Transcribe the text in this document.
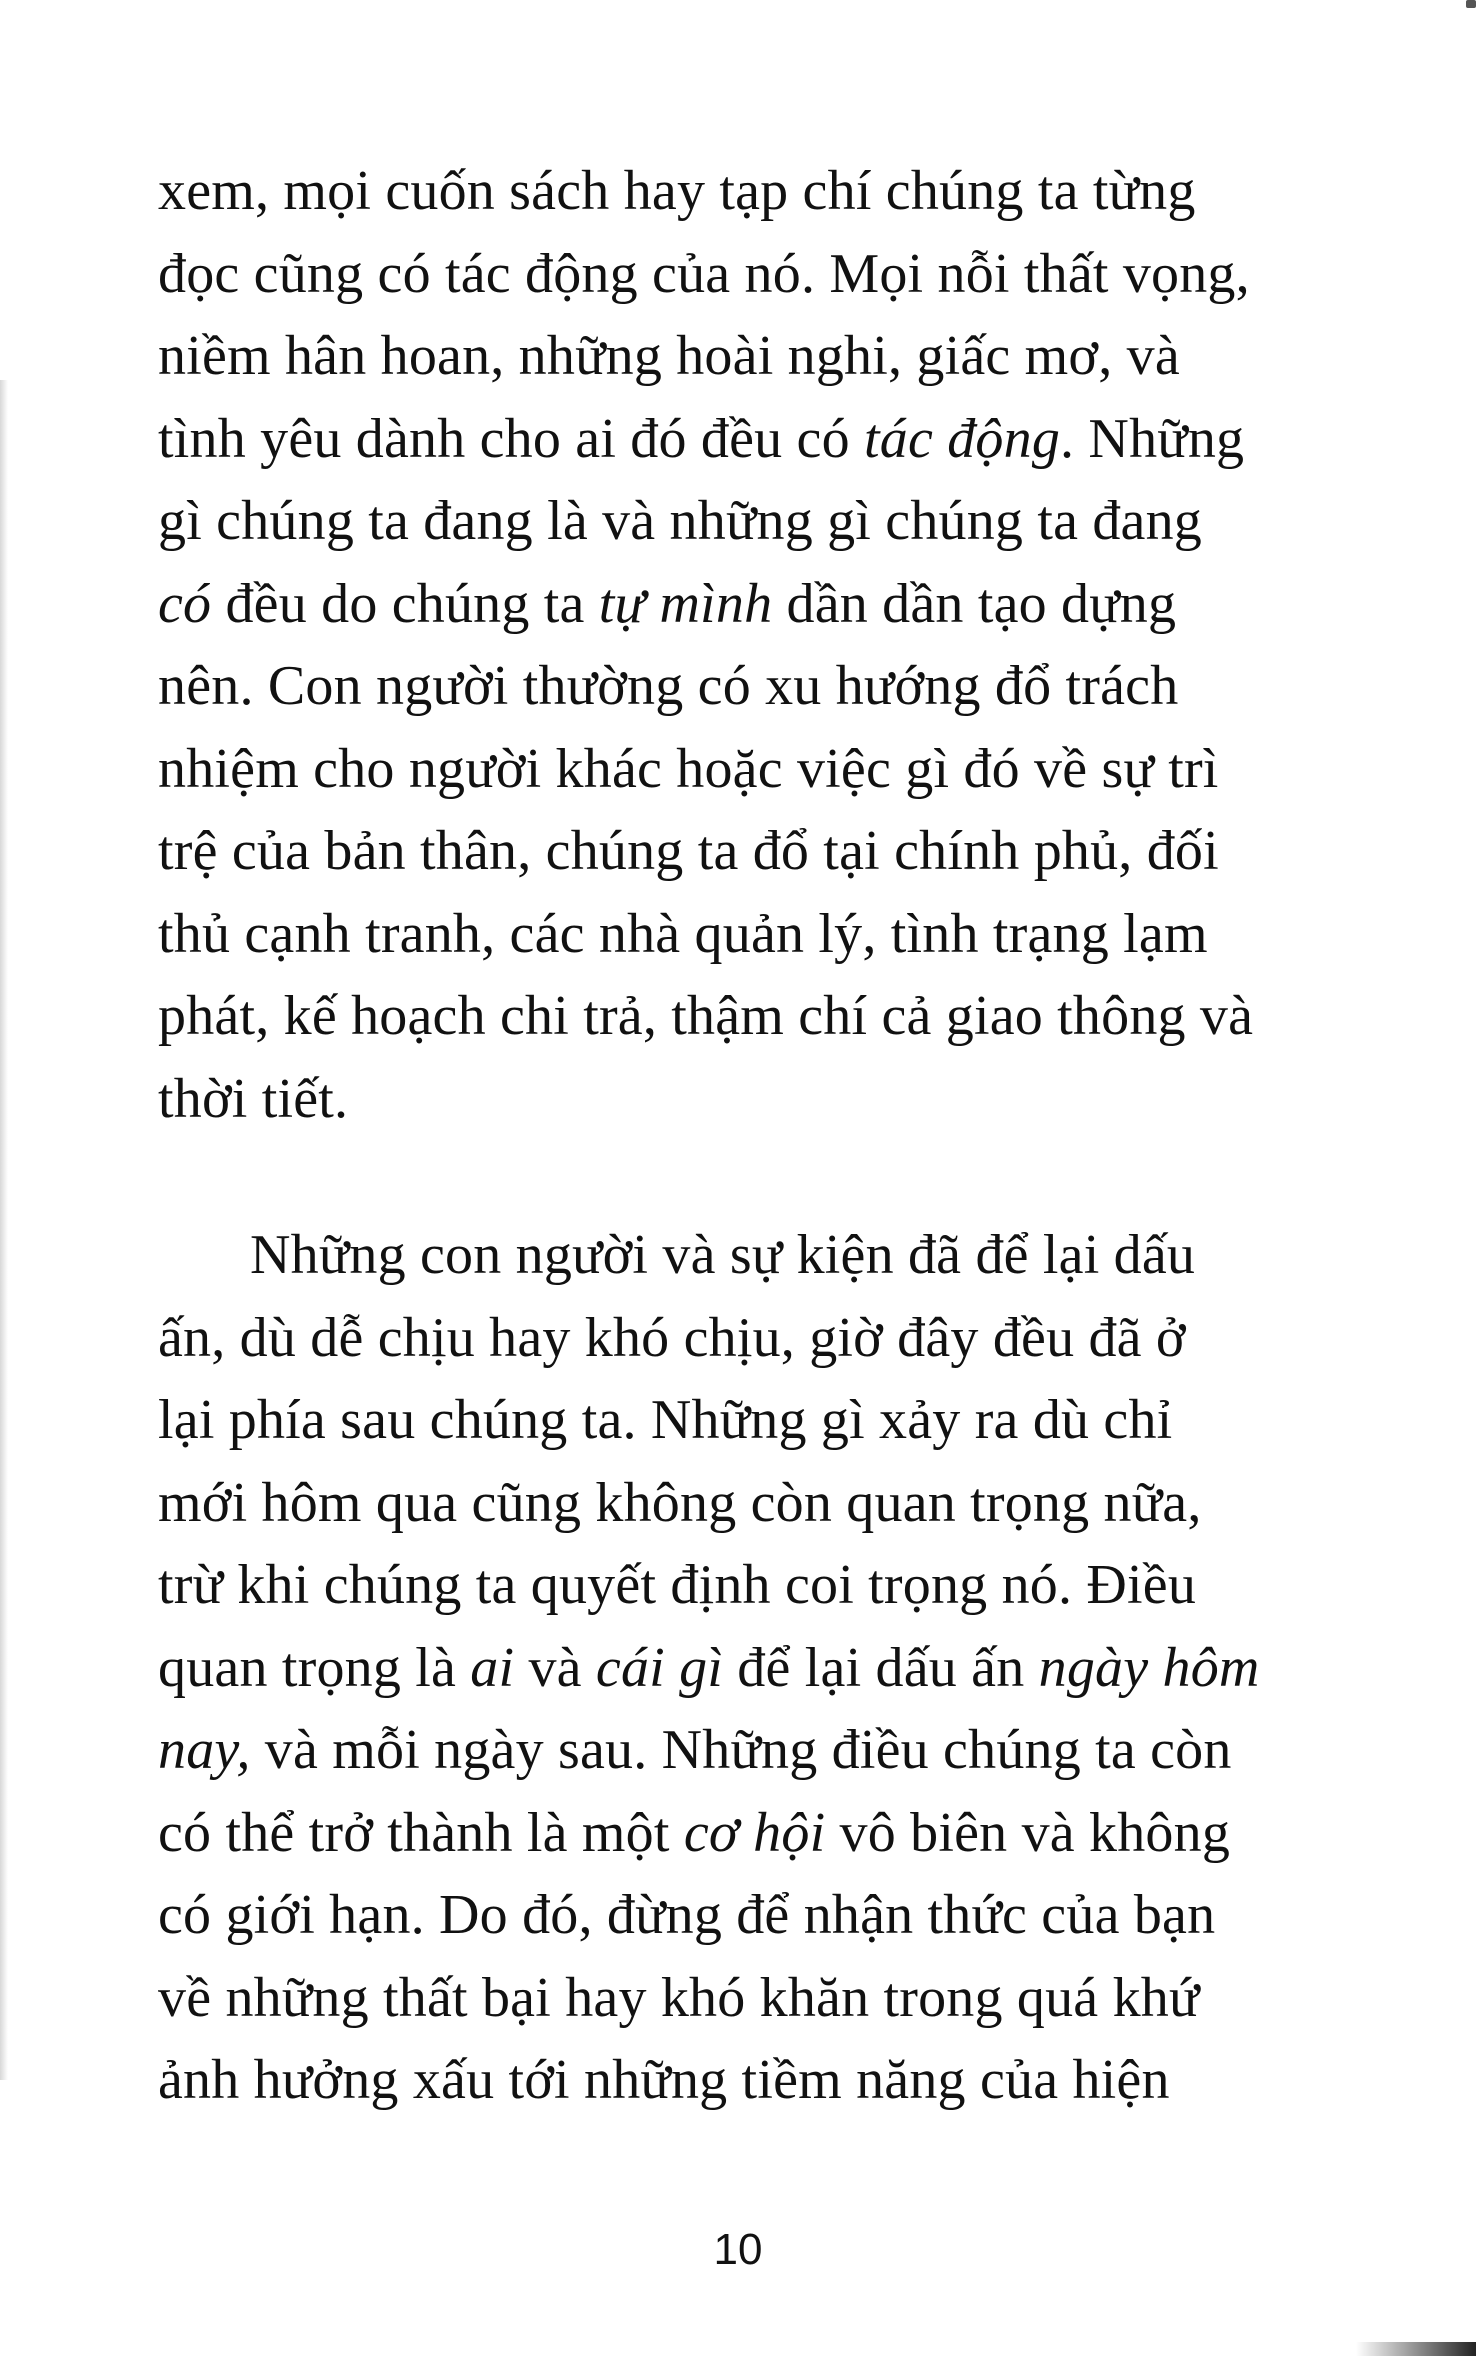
xem, mọi cuốn sách hay tạp chí chúng ta từng
đọc cũng có tác động của nó. Mọi nỗi thất vọng,
niềm hân hoan, những hoài nghi, giấc mơ, và
tình yêu dành cho ai đó đều có tác động. Những
gì chúng ta đang là và những gì chúng ta đang
có đều do chúng ta tự mình dần dần tạo dựng
nên. Con người thường có xu hướng đổ trách
nhiệm cho người khác hoặc việc gì đó về sự trì
trệ của bản thân, chúng ta đổ tại chính phủ, đối
thủ cạnh tranh, các nhà quản lý, tình trạng lạm
phát, kế hoạch chi trả, thậm chí cả giao thông và
thời tiết.
Những con người và sự kiện đã để lại dấu
ấn, dù dễ chịu hay khó chịu, giờ đây đều đã ở
lại phía sau chúng ta. Những gì xảy ra dù chỉ
mới hôm qua cũng không còn quan trọng nữa,
trừ khi chúng ta quyết định coi trọng nó. Điều
quan trọng là ai và cái gì để lại dấu ấn ngày hôm
nay, và mỗi ngày sau. Những điều chúng ta còn
có thể trở thành là một cơ hội vô biên và không
có giới hạn. Do đó, đừng để nhận thức của bạn
về những thất bại hay khó khăn trong quá khứ
ảnh hưởng xấu tới những tiềm năng của hiện
10
